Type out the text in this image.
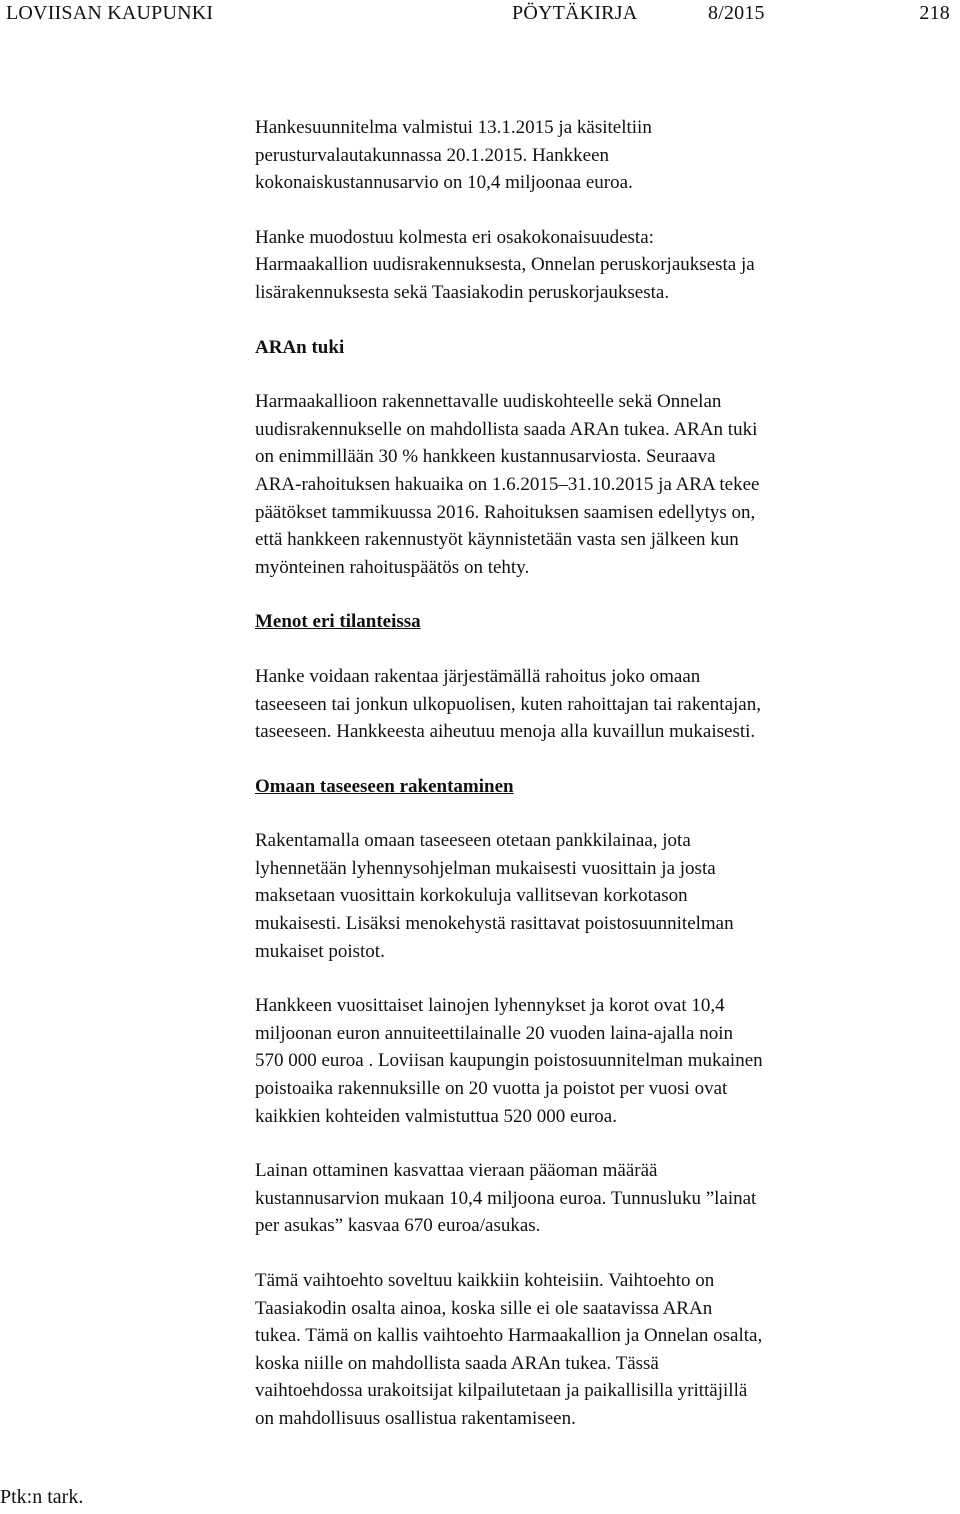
LOVIISAN KAUPUNKI	PÖYTÄKIRJA	8/2015	218

Hankesuunnitelma valmistui 13.1.2015 ja käsiteltiin
perusturvalautakunnassa 20.1.2015. Hankkeen
kokonaiskustannusarvio on 10,4 miljoonaa euroa.

Hanke muodostuu kolmesta eri osakokonaisuudesta:
Harmaakallion uudisrakennuksesta, Onnelan peruskorjauksesta ja
lisärakennuksesta sekä Taasiakodin peruskorjauksesta.

ARAn tuki

Harmaakallioon rakennettavalle uudiskohteelle sekä Onnelan
uudisrakennukselle on mahdollista saada ARAn tukea. ARAn tuki
on enimmillään 30 % hankkeen kustannusarviosta. Seuraava
ARA-rahoituksen hakuaika on 1.6.2015–31.10.2015 ja ARA tekee
päätökset tammikuussa 2016. Rahoituksen saamisen edellytys on,
että hankkeen rakennustyöt käynnistetään vasta sen jälkeen kun
myönteinen rahoituspäätös on tehty.

Menot eri tilanteissa

Hanke voidaan rakentaa järjestämällä rahoitus joko omaan
taseeseen tai jonkun ulkopuolisen, kuten rahoittajan tai rakentajan,
taseeseen. Hankkeesta aiheutuu menoja alla kuvaillun mukaisesti.

Omaan taseeseen rakentaminen

Rakentamalla omaan taseeseen otetaan pankkilainaa, jota
lyhennetään lyhennysohjelman mukaisesti vuosittain ja josta
maksetaan vuosittain korkokuluja vallitsevan korkotason
mukaisesti. Lisäksi menokehystä rasittavat poistosuunnitelman
mukaiset poistot.

Hankkeen vuosittaiset lainojen lyhennykset ja korot ovat 10,4
miljoonan euron annuiteettilainalle 20 vuoden laina-ajalla noin
570 000 euroa . Loviisan kaupungin poistosuunnitelman mukainen
poistoaika rakennuksille on 20 vuotta ja poistot per vuosi ovat
kaikkien kohteiden valmistuttua 520 000 euroa.

Lainan ottaminen kasvattaa vieraan pääoman määrää
kustannusarvion mukaan 10,4 miljoona euroa. Tunnusluku ”lainat
per asukas” kasvaa 670 euroa/asukas.

Tämä vaihtoehto soveltuu kaikkiin kohteisiin. Vaihtoehto on
Taasiakodin osalta ainoa, koska sille ei ole saatavissa ARAn
tukea. Tämä on kallis vaihtoehto Harmaakallion ja Onnelan osalta,
koska niille on mahdollista saada ARAn tukea. Tässä
vaihtoehdossa urakoitsijat kilpailutetaan ja paikallisilla yrittäjillä
on mahdollisuus osallistua rakentamiseen.

Ptk:n tark.
